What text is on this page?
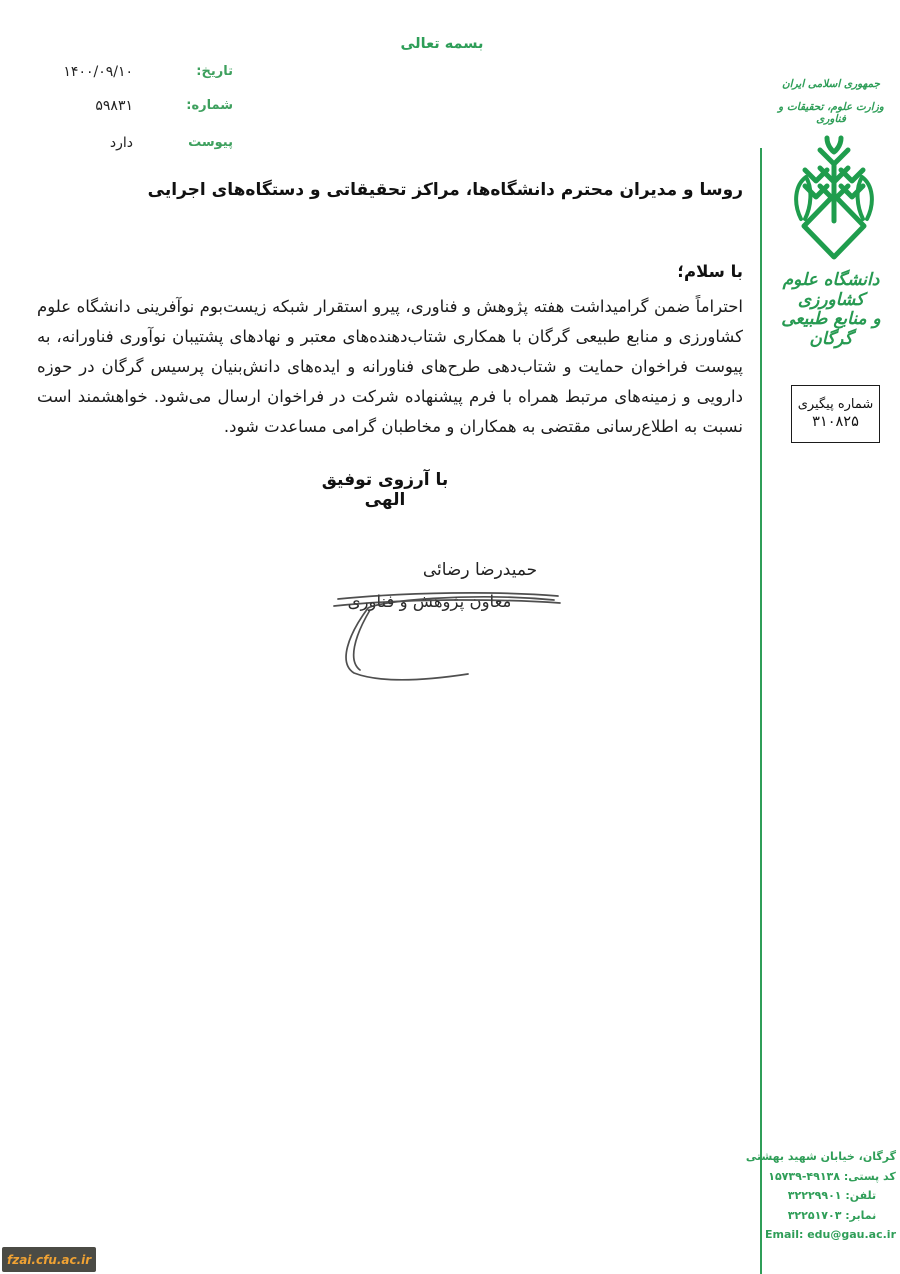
بسمه تعالی
تاریخ:
۱۴۰۰/۰۹/۱۰
شماره:
۵۹۸۳۱
پیوست
دارد
جمهوری اسلامی ایران
وزارت علوم، تحقیقات و فناوری
دانشگاه علوم کشاورزی
و منابع طبیعی گرگان
شماره پیگیری
۳۱۰۸۲۵
روسا و مدیران محترم دانشگاه‌ها، مراکز تحقیقاتی و دستگاه‌های اجرایی
با سلام؛
احتراماً ضمن گرامیداشت هفته پژوهش و فناوری، پیرو استقرار شبکه زیست‌بوم نوآفرینی دانشگاه علوم کشاورزی و منابع طبیعی گرگان با همکاری شتاب‌دهنده‌های معتبر و نهادهای پشتیبان نوآوری فناورانه، به پیوست فراخوان حمایت و شتاب‌دهی طرح‌های فناورانه و ایده‌های دانش‌بنیان پرسیس گرگان در حوزه دارویی و زمینه‌های مرتبط همراه با فرم پیشنهاده شرکت در فراخوان ارسال می‌شود. خواهشمند است نسبت به اطلاع‌رسانی مقتضی به همکاران و مخاطبان گرامی مساعدت شود.
با آرزوی توفیق الهی
حمیدرضا رضائی
معاون پژوهش و فناوری
گرگان، خیابان شهید بهشتی
کد پستی: ۴۹۱۳۸-۱۵۷۳۹
تلفن: ۳۲۲۲۹۹۰۱
نمابر: ۳۲۲۵۱۷۰۳
Email: edu@gau.ac.ir
fzai.cfu.ac.ir
